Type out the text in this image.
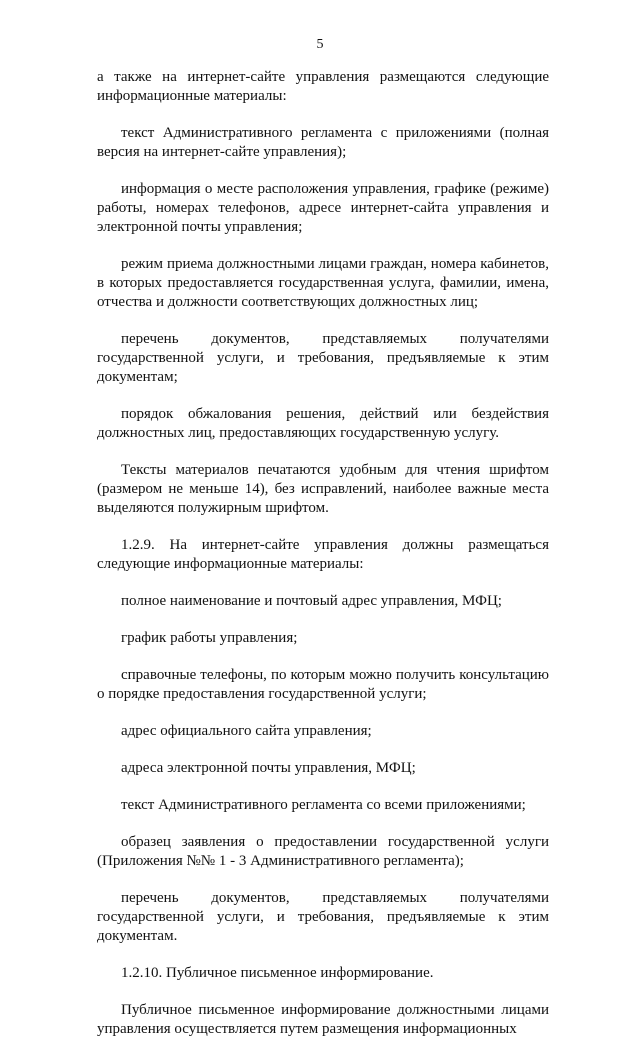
5

а также на интернет-сайте управления размещаются следующие информационные материалы:

текст Административного регламента с приложениями (полная версия на интернет-сайте управления);

информация о месте расположения управления, графике (режиме) работы, номерах телефонов, адресе интернет-сайта управления и электронной почты управления;

режим приема должностными лицами граждан, номера кабинетов, в которых предоставляется государственная услуга, фамилии, имена, отчества и должности соответствующих должностных лиц;

перечень документов, представляемых получателями государственной услуги, и требования, предъявляемые к этим документам;

порядок обжалования решения, действий или бездействия должностных лиц, предоставляющих государственную услугу.

Тексты материалов печатаются удобным для чтения шрифтом (размером не меньше 14), без исправлений, наиболее важные места выделяются полужирным шрифтом.

1.2.9. На интернет-сайте управления должны размещаться следующие информационные материалы:

полное наименование и почтовый адрес управления, МФЦ;

график работы управления;

справочные телефоны, по которым можно получить консультацию о порядке предоставления государственной услуги;

адрес официального сайта управления;

адреса электронной почты управления, МФЦ;

текст Административного регламента со всеми приложениями;

образец заявления о предоставлении государственной услуги (Приложения №№ 1 - 3 Административного регламента);

перечень документов, представляемых получателями государственной услуги, и требования, предъявляемые к этим документам.

1.2.10. Публичное письменное информирование.

Публичное письменное информирование должностными лицами управления осуществляется путем размещения информационных
